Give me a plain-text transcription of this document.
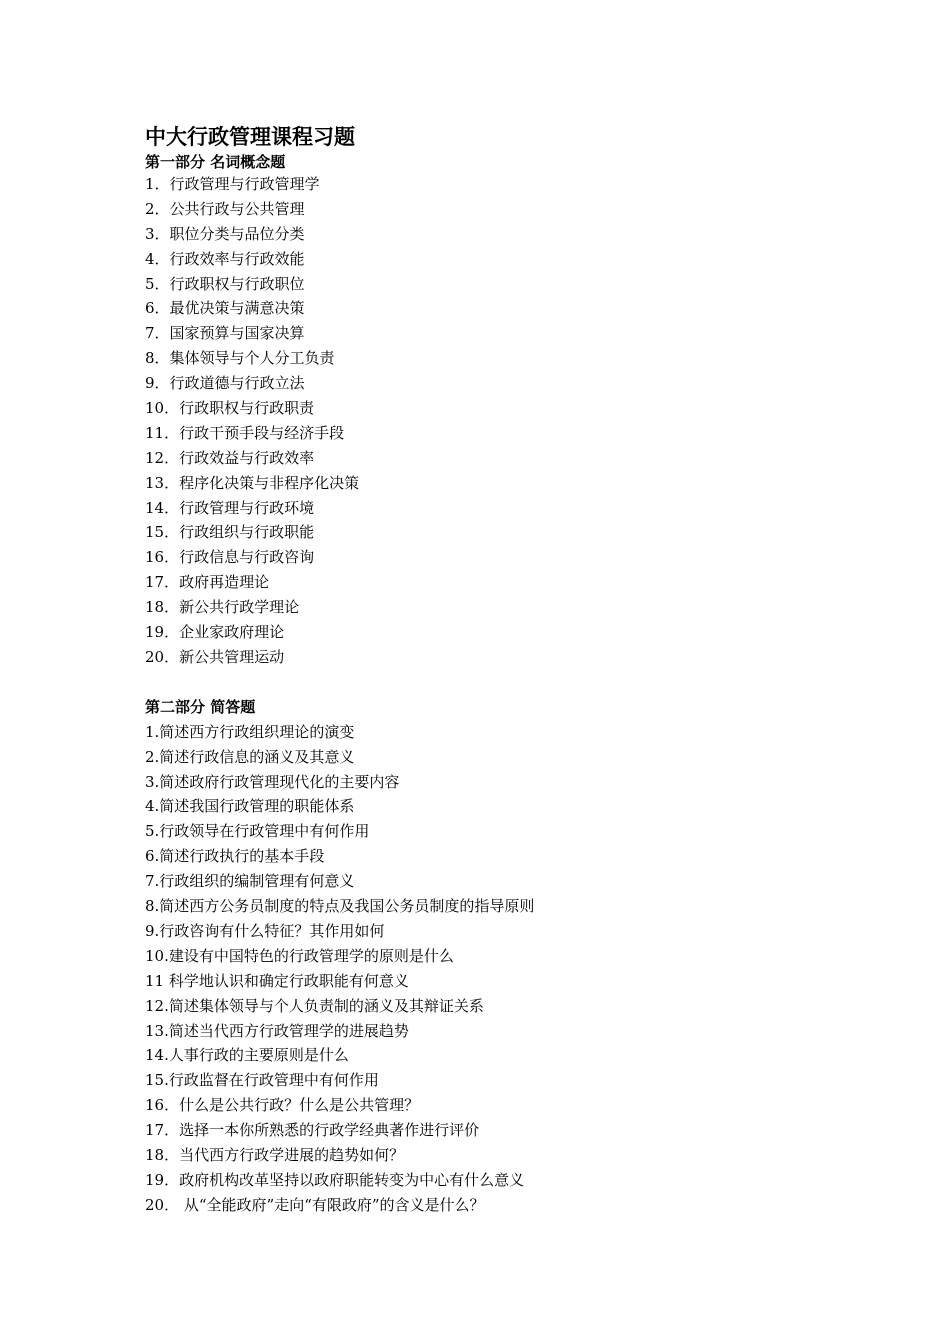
中大行政管理课程习题
第一部分 名词概念题
1．行政管理与行政管理学
2．公共行政与公共管理
3．职位分类与品位分类
4．行政效率与行政效能
5．行政职权与行政职位
6．最优决策与满意决策
7．国家预算与国家决算
8．集体领导与个人分工负责
9．行政道德与行政立法
10．行政职权与行政职责
11．行政干预手段与经济手段
12．行政效益与行政效率
13．程序化决策与非程序化决策
14．行政管理与行政环境
15．行政组织与行政职能
16．行政信息与行政咨询
17．政府再造理论
18．新公共行政学理论
19．企业家政府理论
20．新公共管理运动
第二部分 简答题
1.简述西方行政组织理论的演变
2.简述行政信息的涵义及其意义
3.简述政府行政管理现代化的主要内容
4.简述我国行政管理的职能体系
5.行政领导在行政管理中有何作用
6.简述行政执行的基本手段
7.行政组织的编制管理有何意义
8.简述西方公务员制度的特点及我国公务员制度的指导原则
9.行政咨询有什么特征？其作用如何
10.建设有中国特色的行政管理学的原则是什么
11 科学地认识和确定行政职能有何意义
12.简述集体领导与个人负责制的涵义及其辩证关系
13.简述当代西方行政管理学的进展趋势
14.人事行政的主要原则是什么
15.行政监督在行政管理中有何作用
16．什么是公共行政？什么是公共管理？
17．选择一本你所熟悉的行政学经典著作进行评价
18．当代西方行政学进展的趋势如何？
19．政府机构改革坚持以政府职能转变为中心有什么意义
20． 从“全能政府”走向“有限政府”的含义是什么？
